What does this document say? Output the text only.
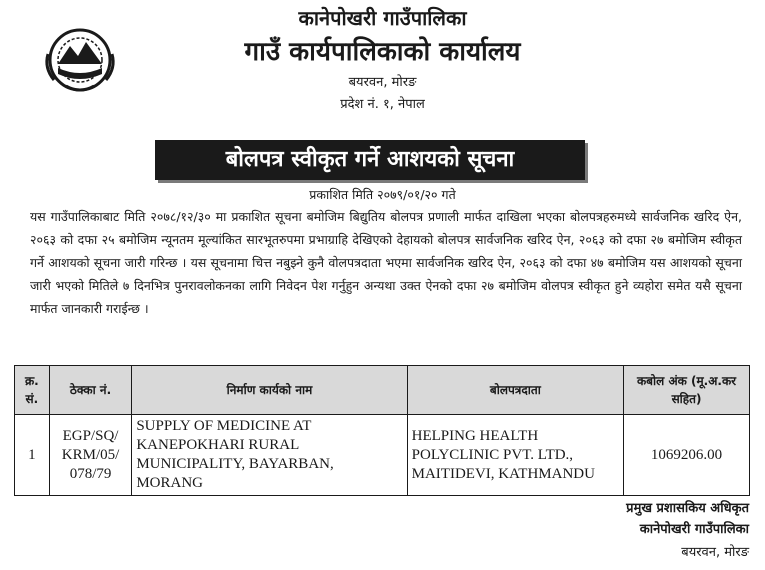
कानेपोखरी गाउँपालिका
गाउँ कार्यपालिकाको कार्यालय
बयरवन, मोरङ
प्रदेश नं. १, नेपाल
बोलपत्र स्वीकृत गर्ने आशयको सूचना
प्रकाशित मिति २०७९/०१/२० गते
यस गाउँपालिकाबाट मिति २०७८/१२/३० मा प्रकाशित सूचना बमोजिम बिद्युतिय बोलपत्र प्रणाली मार्फत दाखिला भएका बोलपत्रहरुमध्ये सार्वजनिक खरिद ऐन, २०६३ को दफा २५ बमोजिम न्यूनतम मूल्यांकित सारभूतरुपमा प्रभाग्राहि देखिएको देहायको बोलपत्र सार्वजनिक खरिद ऐन, २०६३ को दफा २७ बमोजिम स्वीकृत गर्ने आशयको सूचना जारी गरिन्छ । यस सूचनामा चित्त नबुझ्ने कुनै वोलपत्रदाता भएमा सार्वजनिक खरिद ऐन, २०६३ को दफा ४७ बमोजिम यस आशयको सूचना जारी भएको मितिले ७ दिनभित्र पुनरावलोकनका लागि निवेदन पेश गर्नुहुन अन्यथा उक्त ऐनको दफा २७ बमोजिम वोलपत्र स्वीकृत हुने व्यहोरा समेत यसै सूचना मार्फत जानकारी गराईन्छ ।
क्र. सं.	ठेक्का नं.	निर्माण कार्यको नाम	बोलपत्रदाता	कबोल अंक (मू.अ.कर सहित)
1	EGP/SQ/ KRM/05/ 078/79	SUPPLY OF MEDICINE AT KANEPOKHARI RURAL MUNICIPALITY, BAYARBAN, MORANG	HELPING HEALTH POLYCLINIC PVT. LTD., MAITIDEVI, KATHMANDU	1069206.00
प्रमुख प्रशासकिय अधिकृत
कानेपोखरी गाउँपालिका
बयरवन, मोरङ
